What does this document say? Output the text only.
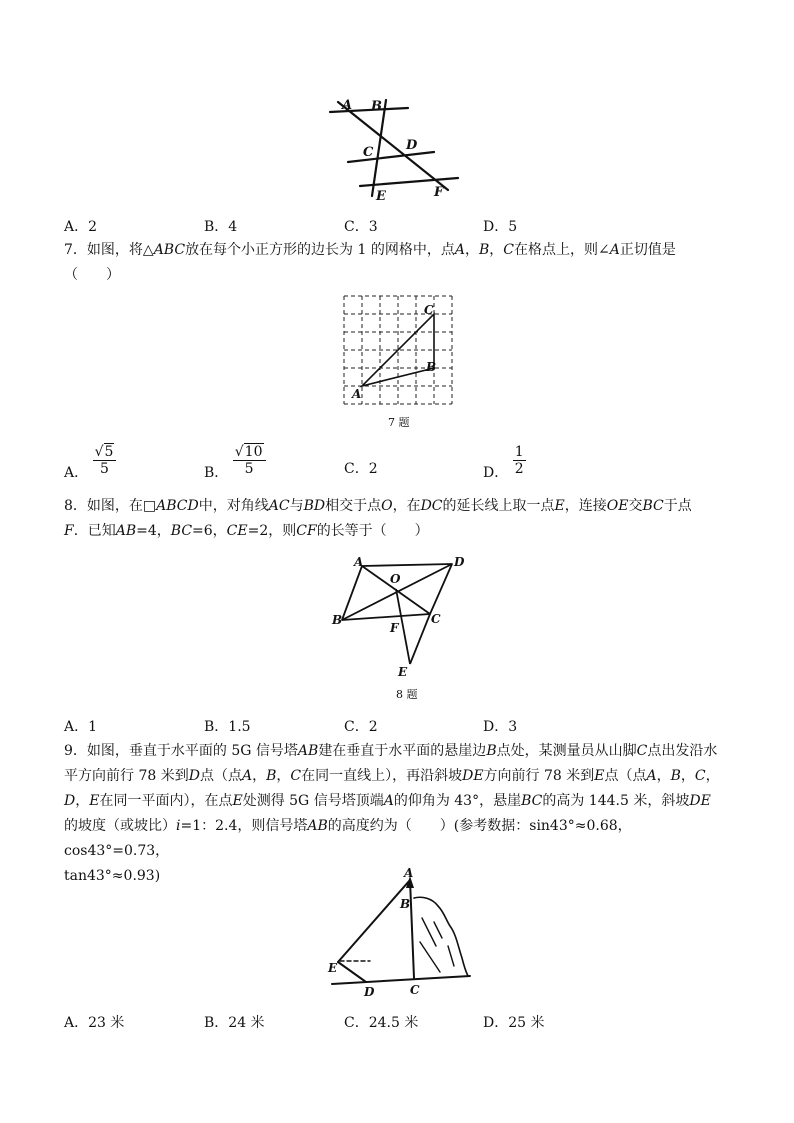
A B
C	D
E	F
A．2	B．4	C．3	D．5
7．如图，将△ABC放在每个小正方形的边长为 1 的网格中，点A，B，C在格点上，则∠A正切值是
（　　）
A
B
C
7 题
A． $\frac{√5}{5}$	B． $\frac{√10}{5}$	C．2	D． $\frac{1}{2}$
8．如图，在□ABCD中，对角线AC与BD相交于点O，在DC的延长线上取一点E，连接OE交BC于点
F．已知AB=4，BC=6，CE=2，则CF的长等于（　　）
A	D
O
B	C
F
E
8 题
A．1	B．1.5	C．2	D．3
9．如图，垂直于水平面的 5G 信号塔AB建在垂直于水平面的悬崖边B点处，某测量员从山脚C点出发沿水
平方向前行 78 米到D点（点A，B，C在同一直线上），再沿斜坡DE方向前行 78 米到E点（点A，B，C，
D，E在同一平面内），在点E处测得 5G 信号塔顶端A的仰角为 43°，悬崖BC的高为 144.5 米，斜坡DE
的坡度（或坡比）i=1：2.4，则信号塔AB的高度约为（　　）(参考数据：sin43°≈0.68，cos43°=0.73，
tan43°≈0.93)	A
B
E
D	C
A．23 米	B．24 米	C．24.5 米	D．25 米
